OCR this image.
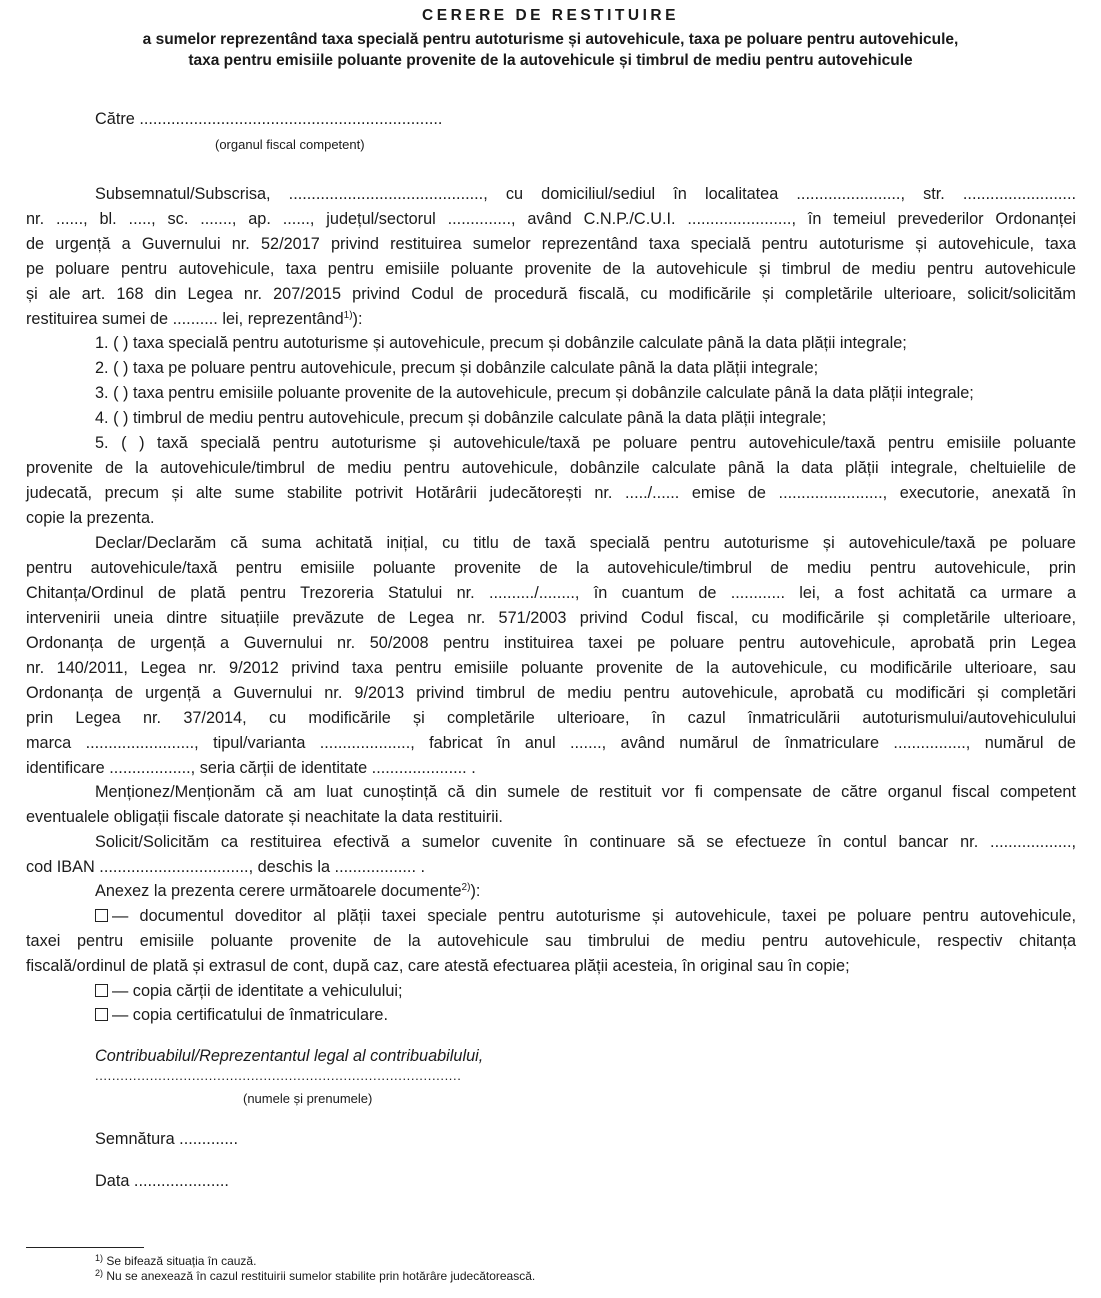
CERERE DE RESTITUIRE
a sumelor reprezentând taxa specială pentru autoturisme și autovehicule, taxa pe poluare pentru autovehicule,
taxa pentru emisiile poluante provenite de la autovehicule și timbrul de mediu pentru autovehicule
Către ...................................................................
(organul fiscal competent)
Subsemnatul/Subscrisa, ..........................................., cu domiciliul/sediul în localitatea ......................., str. .........................
nr. ......, bl. ....., sc. ......., ap. ......, județul/sectorul .............., având C.N.P./C.U.I. ......................., în temeiul prevederilor Ordonanței
de urgență a Guvernului nr. 52/2017 privind restituirea sumelor reprezentând taxa specială pentru autoturisme și autovehicule, taxa
pe poluare pentru autovehicule, taxa pentru emisiile poluante provenite de la autovehicule și timbrul de mediu pentru autovehicule
și ale art. 168 din Legea nr. 207/2015 privind Codul de procedură fiscală, cu modificările și completările ulterioare, solicit/solicităm
restituirea sumei de .......... lei, reprezentând$^{1)}$):
1. ( ) taxa specială pentru autoturisme și autovehicule, precum și dobânzile calculate până la data plății integrale;
2. ( ) taxa pe poluare pentru autovehicule, precum și dobânzile calculate până la data plății integrale;
3. ( ) taxa pentru emisiile poluante provenite de la autovehicule, precum și dobânzile calculate până la data plății integrale;
4. ( ) timbrul de mediu pentru autovehicule, precum și dobânzile calculate până la data plății integrale;
5. ( ) taxă specială pentru autoturisme și autovehicule/taxă pe poluare pentru autovehicule/taxă pentru emisiile poluante
provenite de la autovehicule/timbrul de mediu pentru autovehicule, dobânzile calculate până la data plății integrale, cheltuielile de
judecată, precum și alte sume stabilite potrivit Hotărârii judecătorești nr. ...../...... emise de ......................., executorie, anexată în
copie la prezenta.
Declar/Declarăm că suma achitată inițial, cu titlu de taxă specială pentru autoturisme și autovehicule/taxă pe poluare
pentru autovehicule/taxă pentru emisiile poluante provenite de la autovehicule/timbrul de mediu pentru autovehicule, prin
Chitanța/Ordinul de plată pentru Trezoreria Statului nr. ........../........, în cuantum de ............ lei, a fost achitată ca urmare a
intervenirii uneia dintre situațiile prevăzute de Legea nr. 571/2003 privind Codul fiscal, cu modificările și completările ulterioare,
Ordonanța de urgență a Guvernului nr. 50/2008 pentru instituirea taxei pe poluare pentru autovehicule, aprobată prin Legea
nr. 140/2011, Legea nr. 9/2012 privind taxa pentru emisiile poluante provenite de la autovehicule, cu modificările ulterioare, sau
Ordonanța de urgență a Guvernului nr. 9/2013 privind timbrul de mediu pentru autovehicule, aprobată cu modificări și completări
prin Legea nr. 37/2014, cu modificările și completările ulterioare, în cazul înmatriculării autoturismului/autovehiculului
marca ........................, tipul/varianta ...................., fabricat în anul ......., având numărul de înmatriculare ................, numărul de
identificare .................., seria cărții de identitate ..................... .
Menționez/Menționăm că am luat cunoștință că din sumele de restituit vor fi compensate de către organul fiscal competent
eventualele obligații fiscale datorate și neachitate la data restituirii.
Solicit/Solicităm ca restituirea efectivă a sumelor cuvenite în continuare să se efectueze în contul bancar nr. ..................,
cod IBAN ................................., deschis la .................. .
Anexez la prezenta cerere următoarele documente$^{2)}$):
— documentul doveditor al plății taxei speciale pentru autoturisme și autovehicule, taxei pe poluare pentru autovehicule,
taxei pentru emisiile poluante provenite de la autovehicule sau timbrului de mediu pentru autovehicule, respectiv chitanța
fiscală/ordinul de plată și extrasul de cont, după caz, care atestă efectuarea plății acesteia, în original sau în copie;
— copia cărții de identitate a vehiculului;
— copia certificatului de înmatriculare.
Contribuabilul/Reprezentantul legal al contribuabilului,
.......................................................................................
(numele și prenumele)
Semnătura .............
Data .....................
$^{1)}$ Se bifează situația în cauză.
$^{2)}$ Nu se anexează în cazul restituirii sumelor stabilite prin hotărâre judecătorească.
